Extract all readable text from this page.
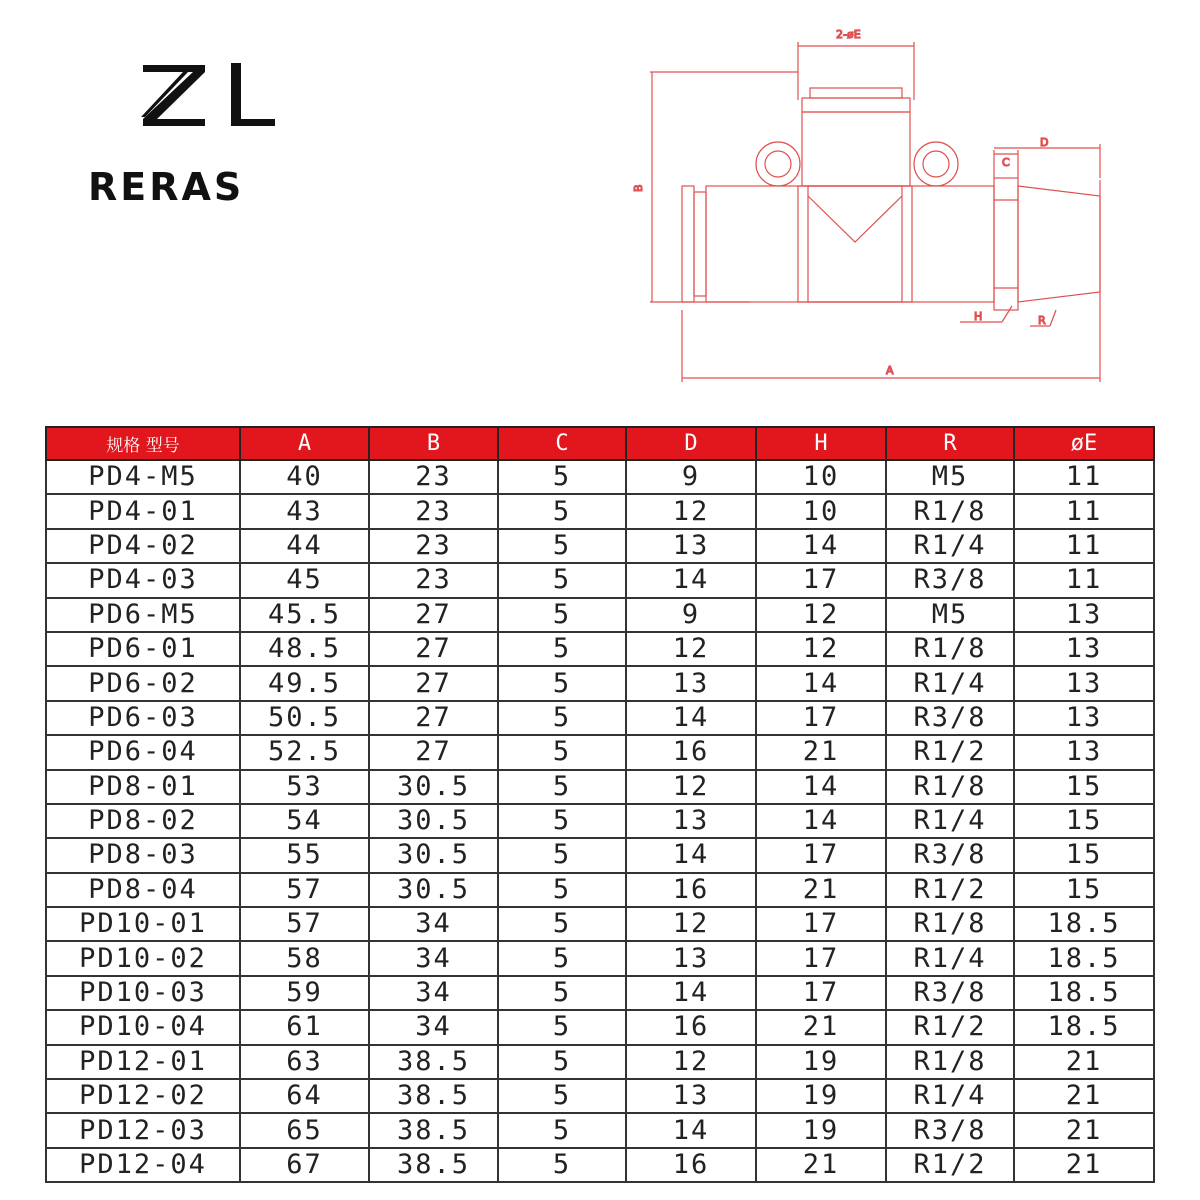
RERAS
2-øE
D
C
B
H	R
A
规格 型号	A	B	C	D	H	R	øE
PD4-M5	40	23	5	9	10	M5	11
PD4-01	43	23	5	12	10	R1/8	11
PD4-02	44	23	5	13	14	R1/4	11
PD4-03	45	23	5	14	17	R3/8	11
PD6-M5	45.5	27	5	9	12	M5	13
PD6-01	48.5	27	5	12	12	R1/8	13
PD6-02	49.5	27	5	13	14	R1/4	13
PD6-03	50.5	27	5	14	17	R3/8	13
PD6-04	52.5	27	5	16	21	R1/2	13
PD8-01	53	30.5	5	12	14	R1/8	15
PD8-02	54	30.5	5	13	14	R1/4	15
PD8-03	55	30.5	5	14	17	R3/8	15
PD8-04	57	30.5	5	16	21	R1/2	15
PD10-01	57	34	5	12	17	R1/8	18.5
PD10-02	58	34	5	13	17	R1/4	18.5
PD10-03	59	34	5	14	17	R3/8	18.5
PD10-04	61	34	5	16	21	R1/2	18.5
PD12-01	63	38.5	5	12	19	R1/8	21
PD12-02	64	38.5	5	13	19	R1/4	21
PD12-03	65	38.5	5	14	19	R3/8	21
PD12-04	67	38.5	5	16	21	R1/2	21
